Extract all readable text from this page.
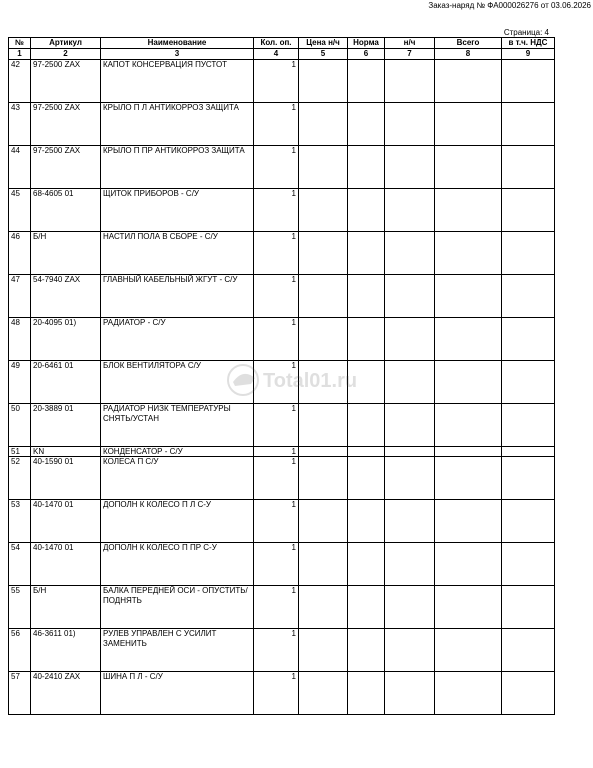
Заказ-наряд № ФА000026276 от 03.06.2026
Страница: 4
№	Артикул	Наименование	Кол. оп.	Цена н/ч	Норма	н/ч	Всего	в т.ч. НДС
1	2	3	4	5	6	7	8	9
42	97-2500 ZAX	КАПОТ КОНСЕРВАЦИЯ ПУСТОТ	1					
43	97-2500 ZAX	КРЫЛО П Л АНТИКОРРОЗ ЗАЩИТА	1					
44	97-2500 ZAX	КРЫЛО П ПР АНТИКОРРОЗ ЗАЩИТА	1					
45	68-4605 01	ЩИТОК ПРИБОРОВ - С/У	1					
46	Б/Н	НАСТИЛ ПОЛА В СБОРЕ - С/У	1					
47	54-7940 ZAX	ГЛАВНЫЙ КАБЕЛЬНЫЙ ЖГУТ - С/У	1					
48	20-4095 01)	РАДИАТОР - С/У	1					
49	20-6461 01	БЛОК ВЕНТИЛЯТОРА С/У	1					
50	20-3889 01	РАДИАТОР НИЗК ТЕМПЕРАТУРЫ СНЯТЬ/УСТАН	1					
51	KN	КОНДЕНСАТОР - С/У	1					
52	40-1590 01	КОЛЕСА П С/У	1					
53	40-1470 01	ДОПОЛН К КОЛЕСО П Л С-У	1					
54	40-1470 01	ДОПОЛН К КОЛЕСО П ПР С-У	1					
55	Б/Н	БАЛКА ПЕРЕДНЕЙ ОСИ - ОПУСТИТЬ/ПОДНЯТЬ	1					
56	46-3611 01)	РУЛЕВ УПРАВЛЕН С УСИЛИТ ЗАМЕНИТЬ	1					
57	40-2410 ZAX	ШИНА П Л - С/У	1					
Total01.ru
